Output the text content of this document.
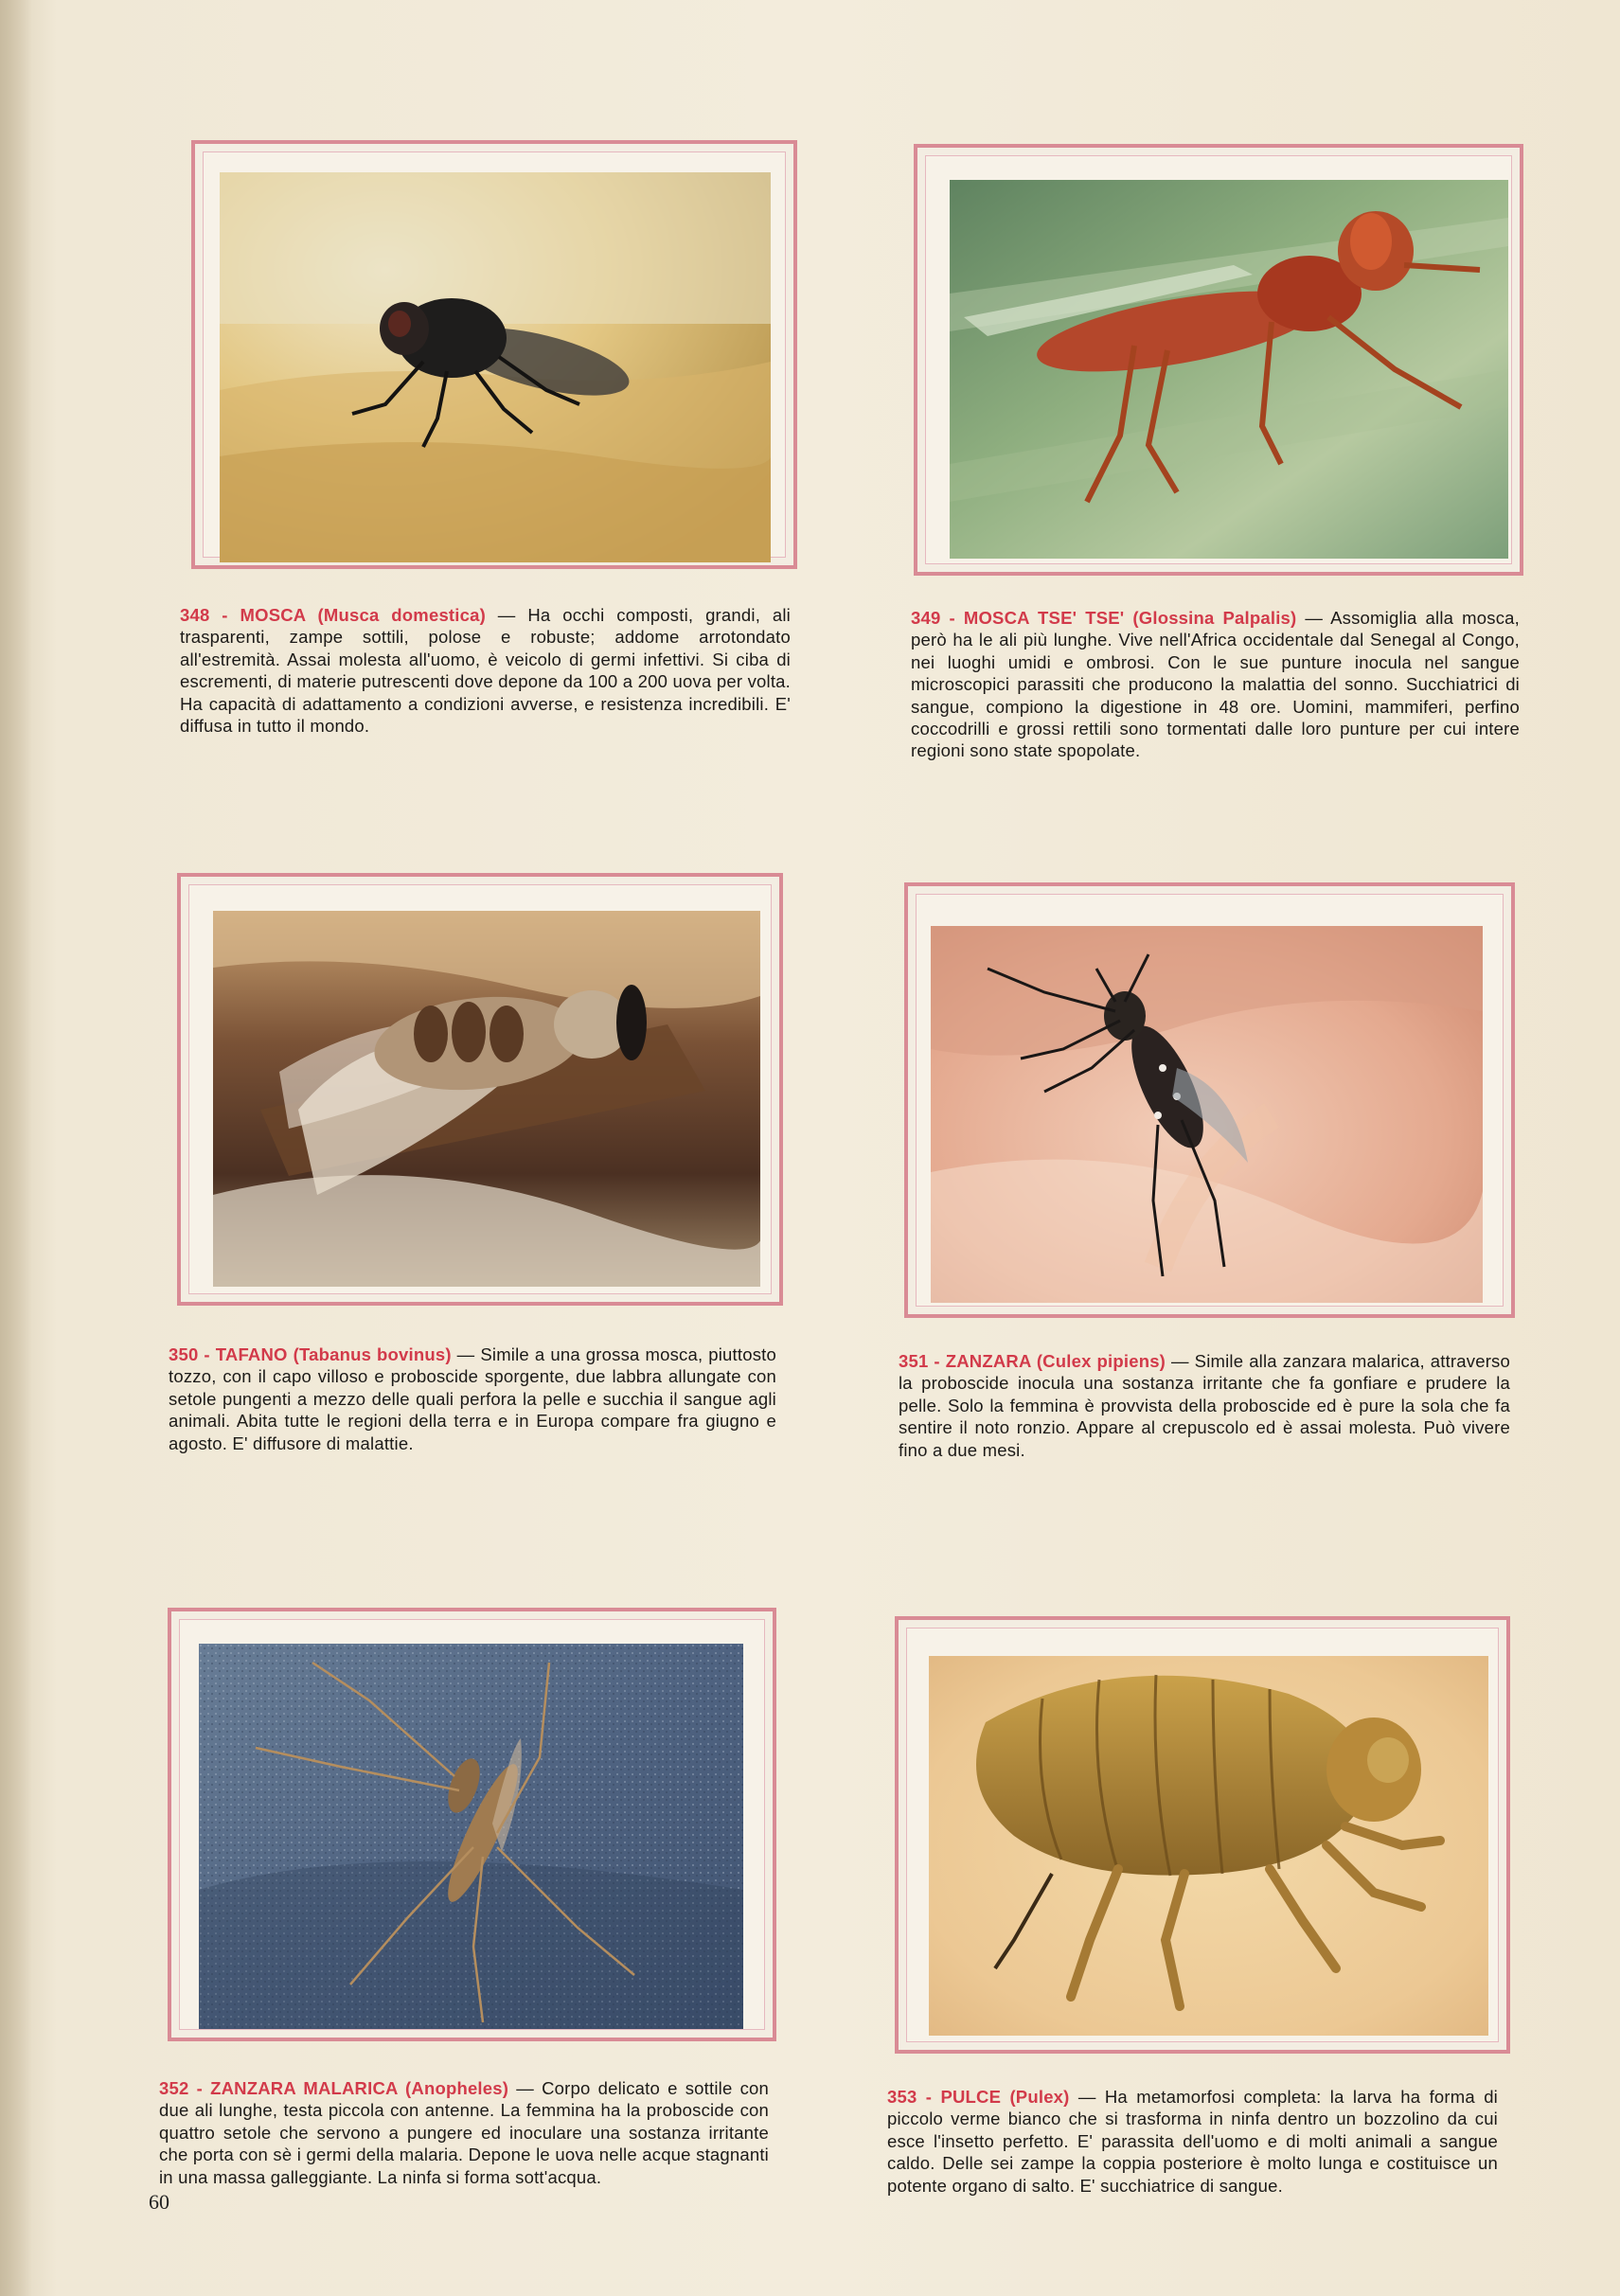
348 - MOSCA (Musca domestica) — Ha occhi composti, grandi, ali trasparenti, zampe sottili, polose e robuste; addome arrotondato all'estremità. Assai molesta all'uomo, è veicolo di germi infettivi. Si ciba di escrementi, di materie putrescenti dove depone da 100 a 200 uova per volta. Ha capacità di adattamento a condizioni avverse, e resistenza incredibili. E' diffusa in tutto il mondo.
349 - MOSCA TSE' TSE' (Glossina Palpalis) — Assomiglia alla mosca, però ha le ali più lunghe. Vive nell'Africa occidentale dal Senegal al Congo, nei luoghi umidi e ombrosi. Con le sue punture inocula nel sangue microscopici parassiti che producono la malattia del sonno. Succhiatrici di sangue, compiono la digestione in 48 ore. Uomini, mammiferi, perfino coccodrilli e grossi rettili sono tormentati dalle loro punture per cui intere regioni sono state spopolate.
350 - TAFANO (Tabanus bovinus) — Simile a una grossa mosca, piuttosto tozzo, con il capo villoso e proboscide sporgente, due labbra allungate con setole pungenti a mezzo delle quali perfora la pelle e succhia il sangue agli animali. Abita tutte le regioni della terra e in Europa compare fra giugno e agosto. E' diffusore di malattie.
351 - ZANZARA (Culex pipiens) — Simile alla zanzara malarica, attraverso la proboscide inocula una sostanza irritante che fa gonfiare e prudere la pelle. Solo la femmina è provvista della proboscide ed è pure la sola che fa sentire il noto ronzio. Appare al crepuscolo ed è assai molesta. Può vivere fino a due mesi.
352 - ZANZARA MALARICA (Anopheles) — Corpo delicato e sottile con due ali lunghe, testa piccola con antenne. La femmina ha la proboscide con quattro setole che servono a pungere ed inoculare una sostanza irritante che porta con sè i germi della malaria. Depone le uova nelle acque stagnanti in una massa galleggiante. La ninfa si forma sott'acqua.
353 - PULCE (Pulex) — Ha metamorfosi completa: la larva ha forma di piccolo verme bianco che si trasforma in ninfa dentro un bozzolino da cui esce l'insetto perfetto. E' parassita dell'uomo e di molti animali a sangue caldo. Delle sei zampe la coppia posteriore è molto lunga e costituisce un potente organo di salto. E' succhiatrice di sangue.
60
